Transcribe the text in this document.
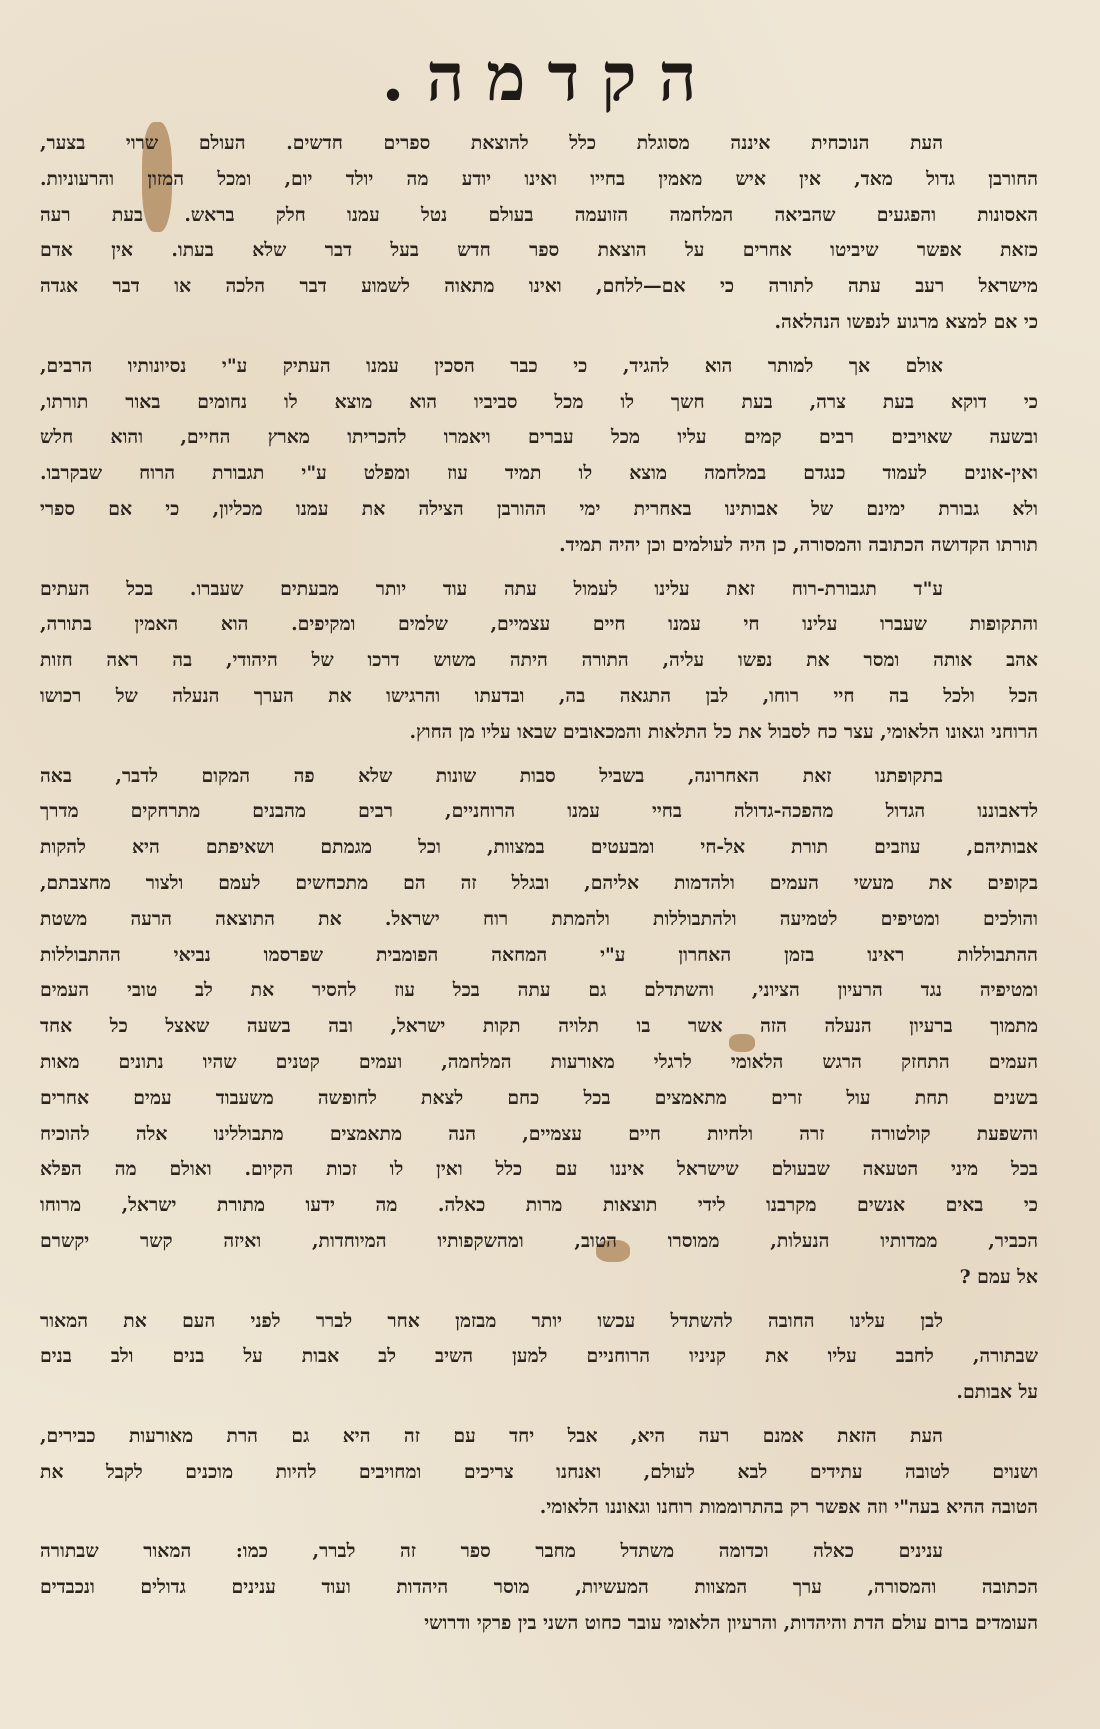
הקדמה.
העת הנוכחית איננה מסוגלת כלל להוצאת ספרים חדשים. העולם שרוי בצער,
החורבן גדול מאד, אין איש מאמין בחייו ואינו יודע מה יולד יום, ומכל המזון והרעוניות.
האסונות והפגעים שהביאה המלחמה הזועמה בעולם נטל עמנו חלק בראש. בעת רעה
כזאת אפשר שיביטו אחרים על הוצאת ספר חדש בעל דבר שלא בעתו. אין אדם
מישראל רעב עתה לתורה כי אם—ללחם, ואינו מתאוה לשמוע דבר הלכה או דבר אגדה
כי אם למצא מרגוע לנפשו הנהלאה.
אולם אך למותר הוא להגיד, כי כבר הסכין עמנו העתיק ע"י נסיונותיו הרבים,
כי דוקא בעת צרה, בעת חשך לו מכל סביביו הוא מוצא לו נחומים באור תורתו,
ובשעה שאויבים רבים קמים עליו מכל עברים ויאמרו להכריתו מארץ החיים, והוא חלש
ואין-אונים לעמוד כנגדם במלחמה מוצא לו תמיד עוז ומפלט ע"י תגבורת הרוח שבקרבו.
ולא גבורת ימינם של אבותינו באחרית ימי ההורבן הצילה את עמנו מכליון, כי אם ספרי
תורתו הקדושה הכתובה והמסורה, כן היה לעולמים וכן יהיה תמיד.
ע"ד תגבורת-רוח זאת עלינו לעמול עתה עוד יותר מבעתים שעברו. בכל העתים
והתקופות שעברו עלינו חי עמנו חיים עצמיים, שלמים ומקיפים. הוא האמין בתורה,
אהב אותה ומסר את נפשו עליה, התורה היתה משוש דרכו של היהודי, בה ראה חזות
הכל ולכל בה חיי רוחו, לבן התגאה בה, ובדעתו והרגישו את הערך הנעלה של רכושו
הרוחני וגאונו הלאומי, עצר כח לסבול את כל התלאות והמכאובים שבאו עליו מן החוץ.
בתקופתנו זאת האחרונה, בשביל סבות שונות שלא פה המקום לדבר, באה
לדאבוננו הגדול מהפכה-גדולה בחיי עמנו הרוחניים, רבים מהבנים מתרחקים מדרך
אבותיהם, עוזבים תורת אל-חי ומבעטים במצוות, וכל מגמתם ושאיפתם היא להקות
בקופים את מעשי העמים ולהדמות אליהם, ובגלל זה הם מתכחשים לעמם ולצור מחצבתם,
והולכים ומטיפים לטמיעה ולהתבוללות ולהמתת רוח ישראל. את התוצאה הרעה משטת
ההתבוללות ראינו בזמן האחרון ע"י המחאה הפומבית שפרסמו נביאי ההתבוללות
ומטיפיה נגד הרעיון הציוני, והשתדלם גם עתה בכל עוז להסיר את לב טובי העמים
מתמוך ברעיון הנעלה הזה אשר בו תלויה תקות ישראל, ובה בשעה שאצל כל אחד
העמים התחזק הרגש הלאומי לרגלי מאורעות המלחמה, ועמים קטנים שהיו נתונים מאות
בשנים תחת עול זרים מתאמצים בכל כחם לצאת לחופשה משעבוד עמים אחרים
והשפעת קולטורה זרה ולחיות חיים עצמיים, הנה מתאמצים מתבוללינו אלה להוכיח
בכל מיני הטעאה שבעולם שישראל איננו עם כלל ואין לו זכות הקיום. ואולם מה הפלא
כי באים אנשים מקרבנו לידי תוצאות מרות כאלה. מה ידעו מתורת ישראל, מרוחו
הכביר, ממדותיו הנעלות, ממוסרו הטוב, ומהשקפותיו המיוחדות, ואיזה קשר יקשרם
אל עמם ?
לבן עלינו החובה להשתדל עכשו יותר מבזמן אחר לברר לפני העם את המאור
שבתורה, לחבב עליו את קניניו הרוחניים למען השיב לב אבות על בנים ולב בנים
על אבותם.
העת הזאת אמנם רעה היא, אבל יחד עם זה היא גם הרת מאורעות כבירים,
ושנוים לטובה עתידים לבא לעולם, ואנחנו צריכים ומחויבים להיות מוכנים לקבל את
הטובה ההיא בעה"י וזה אפשר רק בהתרוממות רוחנו וגאוננו הלאומי.
ענינים כאלה וכדומה משתדל מחבר ספר זה לברר, כמו: המאור שבתורה
הכתובה והמסורה, ערך המצוות המעשיות, מוסר היהדות ועוד ענינים גדולים ונכבדים
העומדים ברום עולם הדת והיהדות, והרעיון הלאומי עובר כחוט השני בין פרקי ודרושי
